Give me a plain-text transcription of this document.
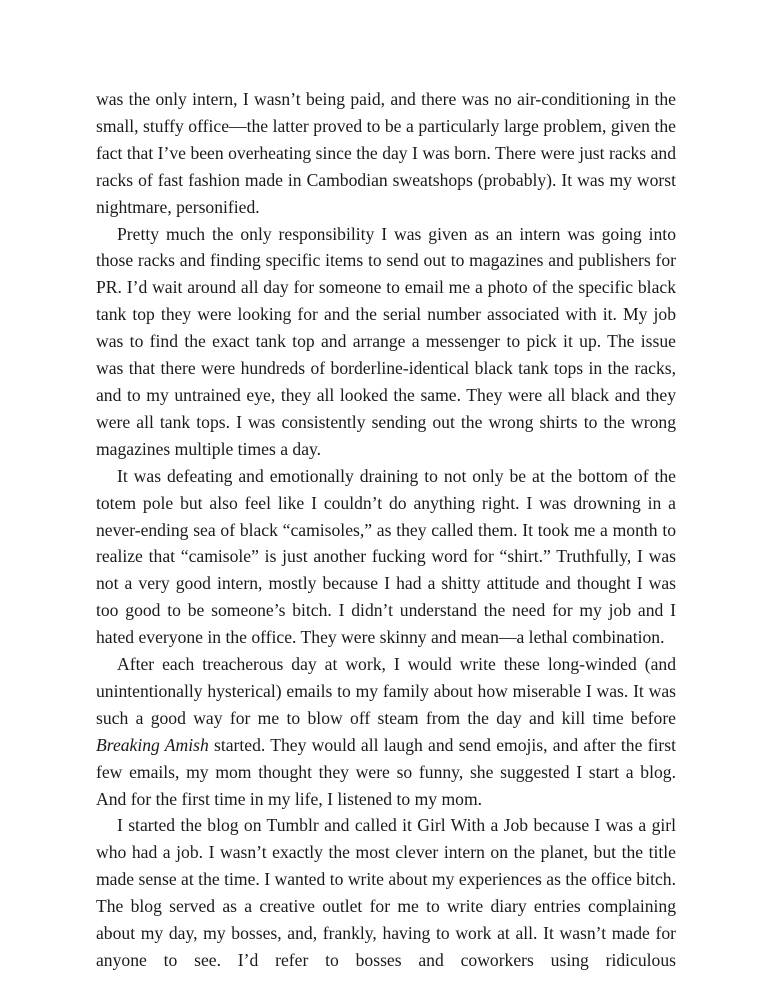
was the only intern, I wasn’t being paid, and there was no air-conditioning in the small, stuffy office—the latter proved to be a particularly large problem, given the fact that I’ve been overheating since the day I was born. There were just racks and racks of fast fashion made in Cambodian sweatshops (probably). It was my worst nightmare, personified.

Pretty much the only responsibility I was given as an intern was going into those racks and finding specific items to send out to magazines and publishers for PR. I’d wait around all day for someone to email me a photo of the specific black tank top they were looking for and the serial number associated with it. My job was to find the exact tank top and arrange a messenger to pick it up. The issue was that there were hundreds of borderline-identical black tank tops in the racks, and to my untrained eye, they all looked the same. They were all black and they were all tank tops. I was consistently sending out the wrong shirts to the wrong magazines multiple times a day.

It was defeating and emotionally draining to not only be at the bottom of the totem pole but also feel like I couldn’t do anything right. I was drowning in a never-ending sea of black “camisoles,” as they called them. It took me a month to realize that “camisole” is just another fucking word for “shirt.” Truthfully, I was not a very good intern, mostly because I had a shitty attitude and thought I was too good to be someone’s bitch. I didn’t understand the need for my job and I hated everyone in the office. They were skinny and mean—a lethal combination.

After each treacherous day at work, I would write these long-winded (and unintentionally hysterical) emails to my family about how miserable I was. It was such a good way for me to blow off steam from the day and kill time before Breaking Amish started. They would all laugh and send emojis, and after the first few emails, my mom thought they were so funny, she suggested I start a blog. And for the first time in my life, I listened to my mom.

I started the blog on Tumblr and called it Girl With a Job because I was a girl who had a job. I wasn’t exactly the most clever intern on the planet, but the title made sense at the time. I wanted to write about my experiences as the office bitch. The blog served as a creative outlet for me to write diary entries complaining about my day, my bosses, and, frankly, having to work at all. It wasn’t made for anyone to see. I’d refer to bosses and coworkers using ridiculous
